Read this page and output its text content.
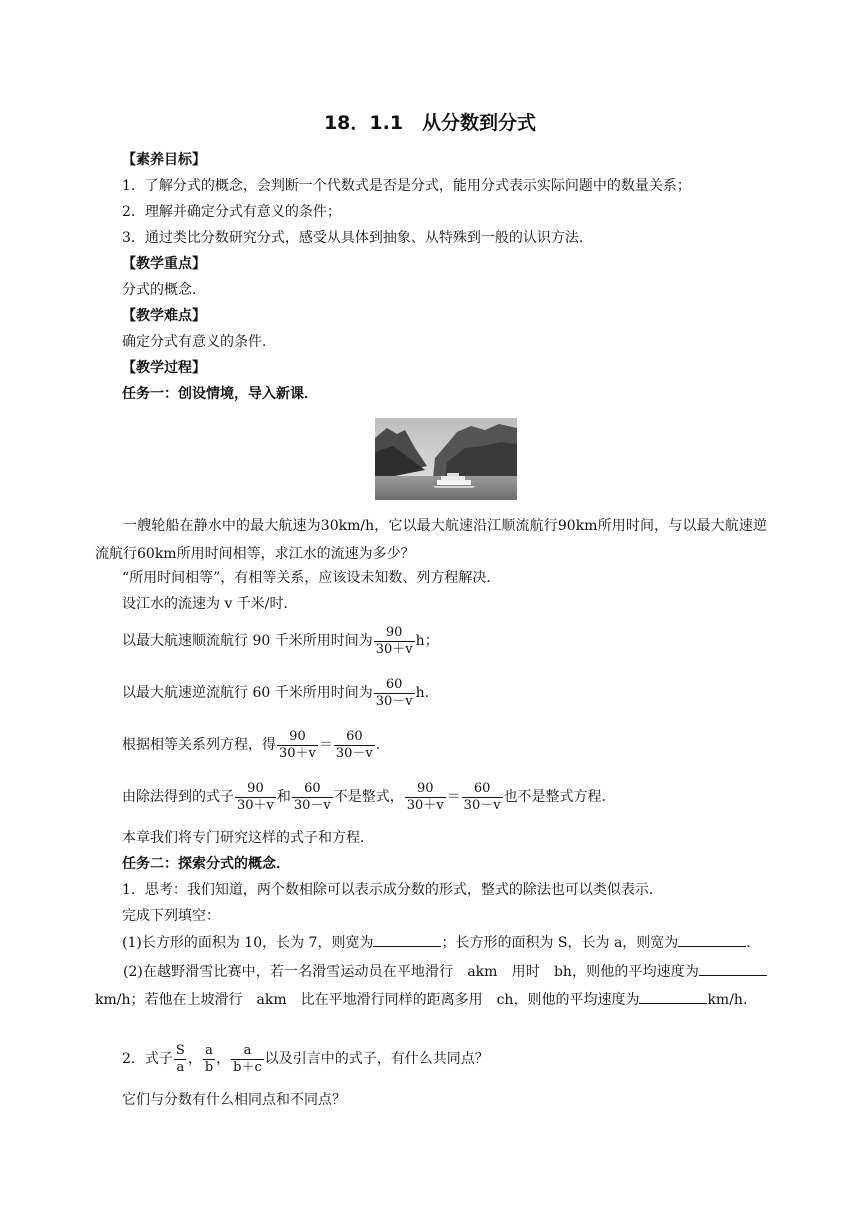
18．1.1　从分数到分式
【素养目标】
1．了解分式的概念，会判断一个代数式是否是分式，能用分式表示实际问题中的数量关系；
2．理解并确定分式有意义的条件；
3．通过类比分数研究分式，感受从具体到抽象、从特殊到一般的认识方法．
【教学重点】
分式的概念．
【教学难点】
确定分式有意义的条件．
【教学过程】
任务一：创设情境，导入新课．
一艘轮船在静水中的最大航速为30km/h，它以最大航速沿江顺流航行90km所用时间，与以最大航速逆流航行60km所用时间相等，求江水的流速为多少？
“所用时间相等”，有相等关系，应该设未知数、列方程解决．
设江水的流速为 v 千米/时．
以最大航速顺流航行 90 千米所用时间为 $\frac{90}{30+v}$ h；
以最大航速逆流航行 60 千米所用时间为 $\frac{60}{30-v} h$.
根据相等关系列方程，得 $\frac{90}{30+v} = \frac{60}{30-v}$ .
由除法得到的式子 $\frac{90}{30+v}$ 和 $\frac{60}{30-v}$ 不是整式， $\frac{90}{30+v} = \frac{60}{30-v}$ 也不是整式方程．
本章我们将专门研究这样的式子和方程．
任务二：探索分式的概念．
1．思考：我们知道，两个数相除可以表示成分数的形式，整式的除法也可以类似表示．
完成下列填空：
(1)长方形的面积为 10，长为 7，则宽为	；长方形的面积为 S，长为 a，则宽为	.
(2)在越野滑雪比赛中，若一名滑雪运动员在平地滑行　akm　用时　bh，则他的平均速度为km/h；若他在上坡滑行　akm　比在平地滑行同样的距离多用　ch，则他的平均速度为	km/h.
2．式子 $\frac{S}{a}$ ， $\frac{a}{b}$ ， $\frac{a}{b+c}$ 以及引言中的式子，有什么共同点？
它们与分数有什么相同点和不同点？
